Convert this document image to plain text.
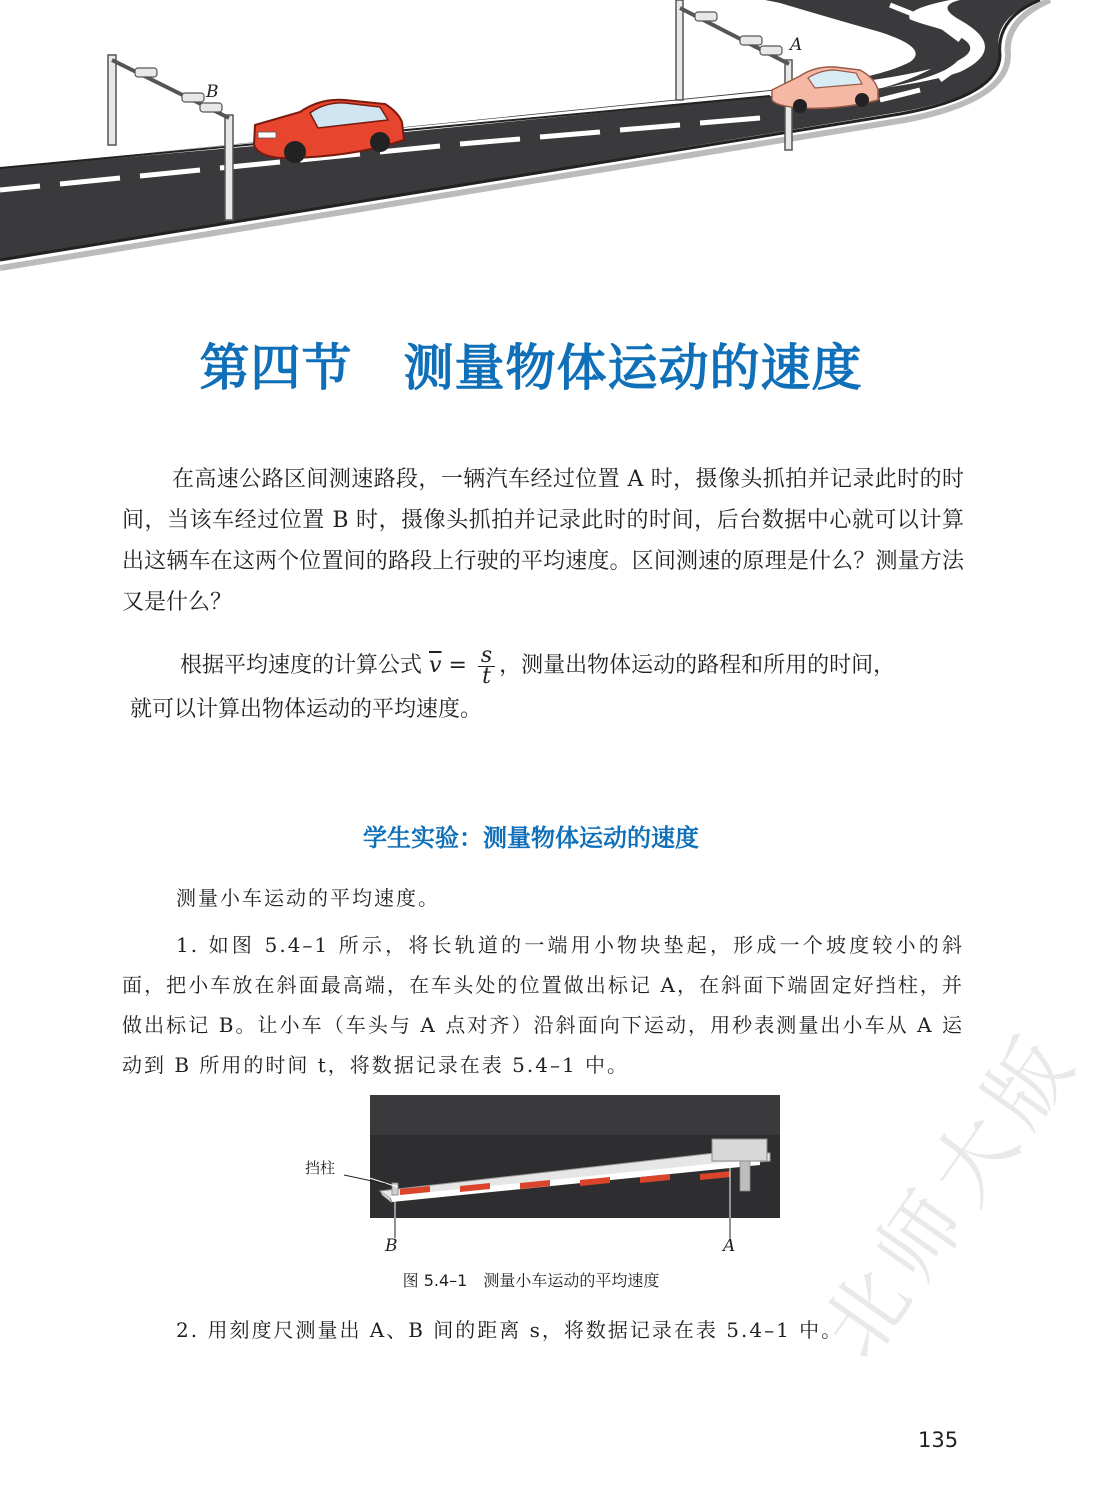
B
A
第四节　测量物体运动的速度

在高速公路区间测速路段，一辆汽车经过位置 A 时，摄像头抓拍并记录此时的时间，当该车经过位置 B 时，摄像头抓拍并记录此时的时间，后台数据中心就可以计算出这辆车在这两个位置间的路段上行驶的平均速度。区间测速的原理是什么？测量方法又是什么？

根据平均速度的计算公式 $\overline{v} = \frac{s}{t}$ ，测量出物体运动的路程和所用的时间，
就可以计算出物体运动的平均速度。
学生实验：测量物体运动的速度

测量小车运动的平均速度。

1. 如图 5.4–1 所示，将长轨道的一端用小物块垫起，形成一个坡度较小的斜面，把小车放在斜面最高端，在车头处的位置做出标记 A，在斜面下端固定好挡柱，并做出标记 B。让小车（车头与 A 点对齐）沿斜面向下运动，用秒表测量出小车从 A 运动到 B 所用的时间 t，将数据记录在表 5.4–1 中。

挡柱
B	A
图 5.4–1　测量小车运动的平均速度

2. 用刻度尺测量出 A、B 间的距离 s，将数据记录在表 5.4–1 中。

北师大版
135
